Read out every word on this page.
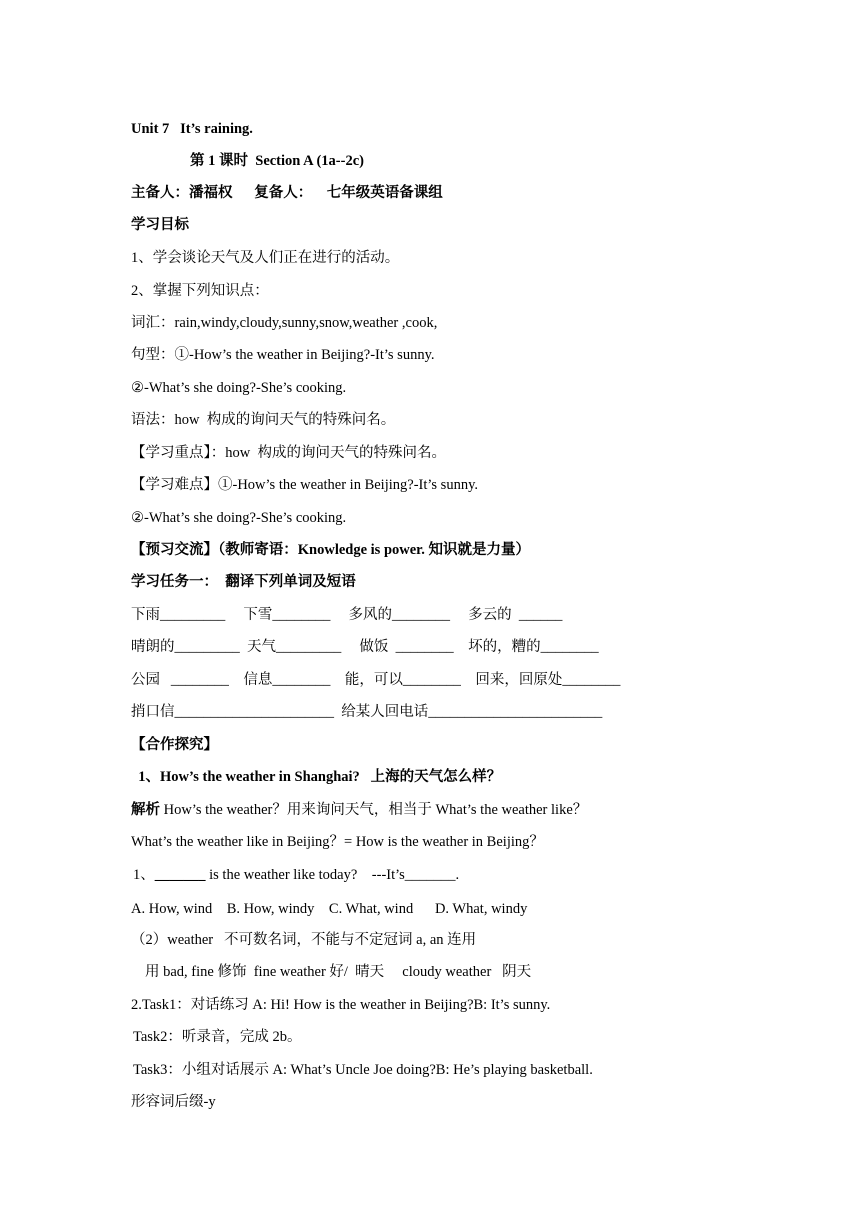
Unit 7   It’s raining.
第 1 课时  Section A (1a--2c)
主备人：潘福权      复备人：    七年级英语备课组
学习目标
1、学会谈论天气及人们正在进行的活动。
2、掌握下列知识点：
词汇：rain,windy,cloudy,sunny,snow,weather ,cook,
句型：①-How’s the weather in Beijing?-It’s sunny.
②-What’s she doing?-She’s cooking.
语法：how  构成的询问天气的特殊问名。
【学习重点】：how  构成的询问天气的特殊问名。
【学习难点】①-How’s the weather in Beijing?-It’s sunny.
②-What’s she doing?-She’s cooking.
【预习交流】（教师寄语：Knowledge is power. 知识就是力量）
学习任务一：  翻译下列单词及短语
下雨_________     下雪________     多风的________     多云的  ______
晴朗的_________  天气_________     做饭  ________    坏的，糟的________
公园   ________    信息________    能，可以________    回来，回原处________
捎口信______________________  给某人回电话________________________
【合作探究】
1、How’s the weather in Shanghai?   上海的天气怎么样？
解析 How’s the weather？用来询问天气，相当于 What’s the weather like？
What’s the weather like in Beijing？= How is the weather in Beijing？
1、_______ is the weather like today?    ---It’s_______.
A. How, wind    B. How, windy    C. What, wind      D. What, windy
（2）weather   不可数名词，不能与不定冠词 a, an 连用
用 bad, fine 修饰  fine weather 好/  晴天     cloudy weather   阴天
2.Task1：对话练习 A: Hi! How is the weather in Beijing?B: It’s sunny.
Task2：听录音，完成 2b。
Task3：小组对话展示 A: What’s Uncle Joe doing?B: He’s playing basketball.
形容词后缀-y
